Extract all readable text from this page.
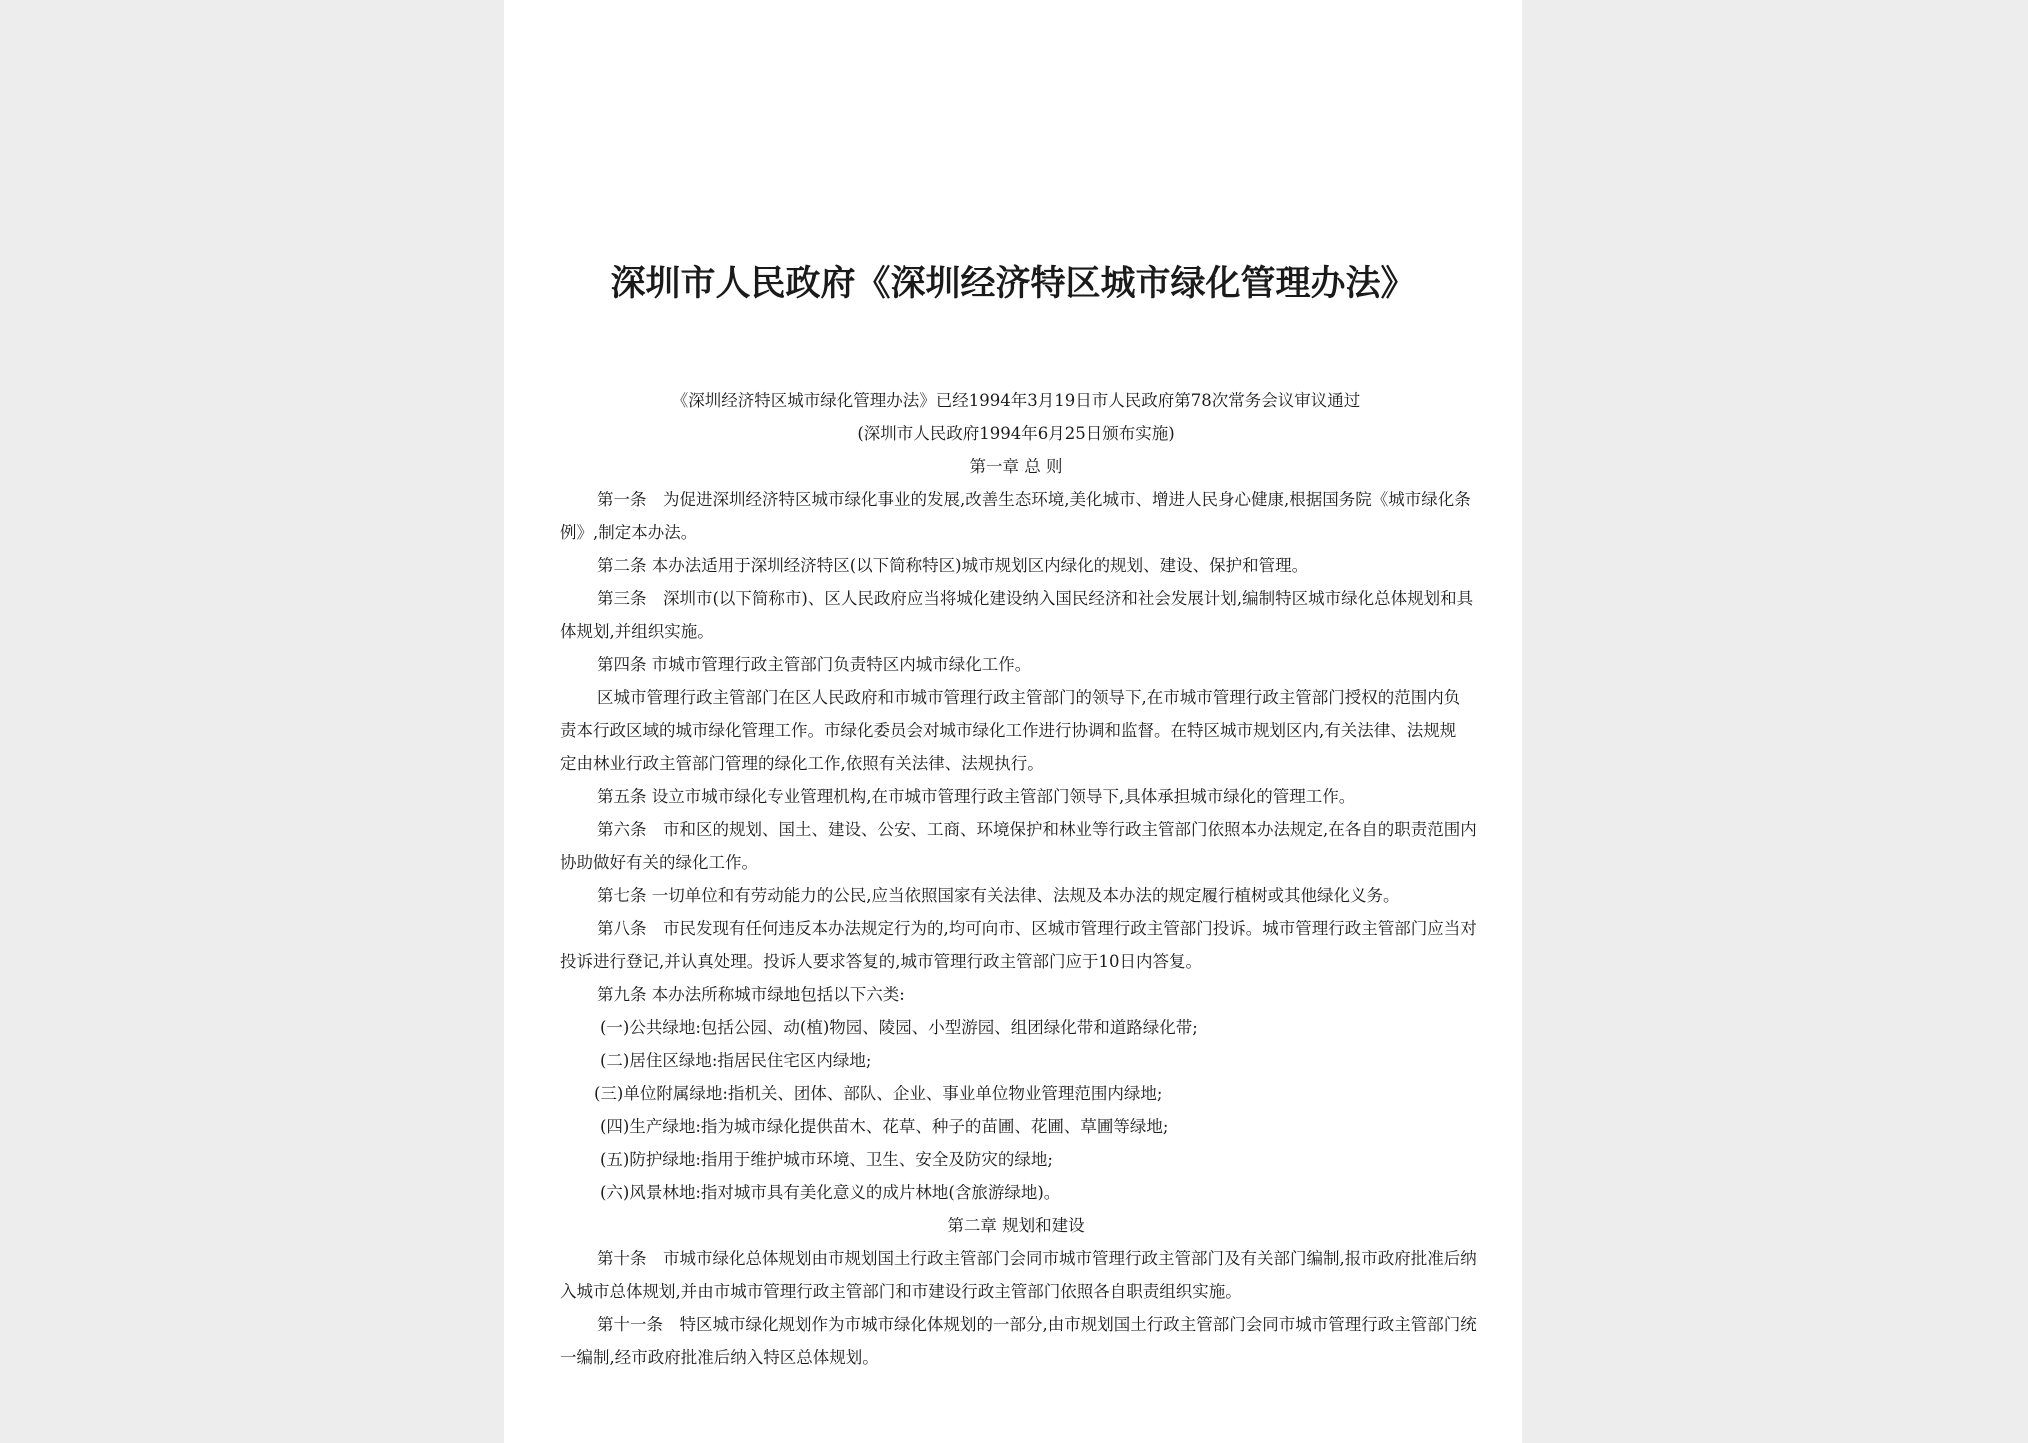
深圳市人民政府《深圳经济特区城市绿化管理办法》

《深圳经济特区城市绿化管理办法》已经1994年3月19日市人民政府第78次常务会议审议通过

(深圳市人民政府1994年6月25日颁布实施)

第一章 总 则

第一条　为促进深圳经济特区城市绿化事业的发展,改善生态环境,美化城市、增进人民身心健康,根据国务院《城市绿化条

例》,制定本办法。

第二条 本办法适用于深圳经济特区(以下简称特区)城市规划区内绿化的规划、建设、保护和管理。

第三条　深圳市(以下简称市)、区人民政府应当将城化建设纳入国民经济和社会发展计划,编制特区城市绿化总体规划和具

体规划,并组织实施。

第四条 市城市管理行政主管部门负责特区内城市绿化工作。

区城市管理行政主管部门在区人民政府和市城市管理行政主管部门的领导下,在市城市管理行政主管部门授权的范围内负

责本行政区域的城市绿化管理工作。市绿化委员会对城市绿化工作进行协调和监督。在特区城市规划区内,有关法律、法规规

定由林业行政主管部门管理的绿化工作,依照有关法律、法规执行。

第五条 设立市城市绿化专业管理机构,在市城市管理行政主管部门领导下,具体承担城市绿化的管理工作。

第六条　市和区的规划、国土、建设、公安、工商、环境保护和林业等行政主管部门依照本办法规定,在各自的职责范围内

协助做好有关的绿化工作。

第七条 一切单位和有劳动能力的公民,应当依照国家有关法律、法规及本办法的规定履行植树或其他绿化义务。

第八条　市民发现有任何违反本办法规定行为的,均可向市、区城市管理行政主管部门投诉。城市管理行政主管部门应当对

投诉进行登记,并认真处理。投诉人要求答复的,城市管理行政主管部门应于10日内答复。

第九条 本办法所称城市绿地包括以下六类:

(一)公共绿地:包括公园、动(植)物园、陵园、小型游园、组团绿化带和道路绿化带;

(二)居住区绿地:指居民住宅区内绿地;

(三)单位附属绿地:指机关、团体、部队、企业、事业单位物业管理范围内绿地;

(四)生产绿地:指为城市绿化提供苗木、花草、种子的苗圃、花圃、草圃等绿地;

(五)防护绿地:指用于维护城市环境、卫生、安全及防灾的绿地;

(六)风景林地:指对城市具有美化意义的成片林地(含旅游绿地)。

第二章 规划和建设

第十条　市城市绿化总体规划由市规划国土行政主管部门会同市城市管理行政主管部门及有关部门编制,报市政府批准后纳

入城市总体规划,并由市城市管理行政主管部门和市建设行政主管部门依照各自职责组织实施。

第十一条　特区城市绿化规划作为市城市绿化体规划的一部分,由市规划国土行政主管部门会同市城市管理行政主管部门统

一编制,经市政府批准后纳入特区总体规划。
